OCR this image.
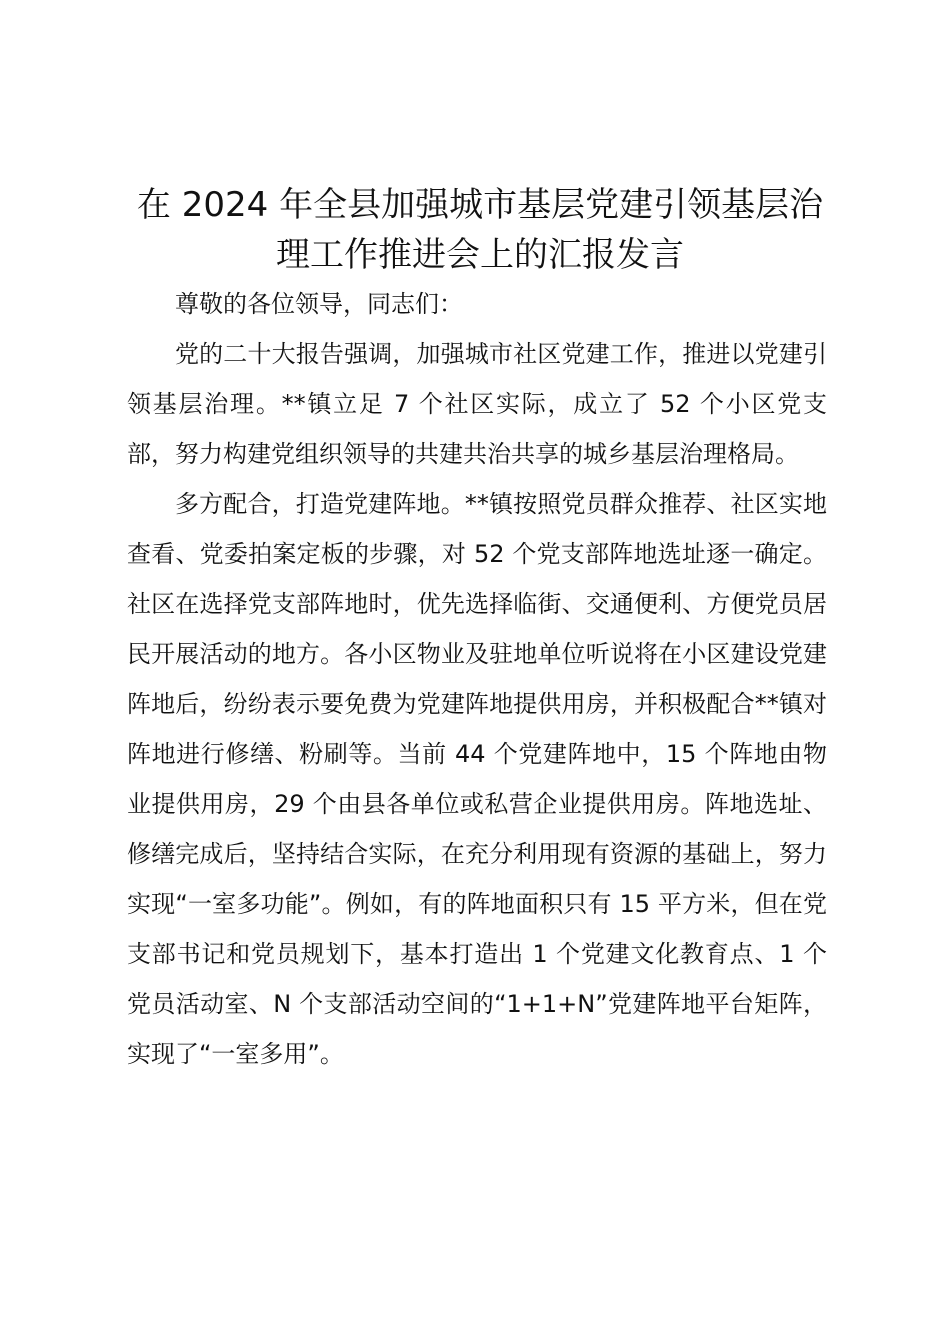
在 2024 年全县加强城市基层党建引领基层治
理工作推进会上的汇报发言

尊敬的各位领导，同志们：

党的二十大报告强调，加强城市社区党建工作，推进以党建引领基层治理。**镇立足 7 个社区实际，成立了 52 个小区党支部，努力构建党组织领导的共建共治共享的城乡基层治理格局。

多方配合，打造党建阵地。**镇按照党员群众推荐、社区实地查看、党委拍案定板的步骤，对 52 个党支部阵地选址逐一确定。社区在选择党支部阵地时，优先选择临街、交通便利、方便党员居民开展活动的地方。各小区物业及驻地单位听说将在小区建设党建阵地后，纷纷表示要免费为党建阵地提供用房，并积极配合**镇对阵地进行修缮、粉刷等。当前 44 个党建阵地中，15 个阵地由物业提供用房，29 个由县各单位或私营企业提供用房。阵地选址、修缮完成后，坚持结合实际，在充分利用现有资源的基础上，努力实现“一室多功能”。例如，有的阵地面积只有 15 平方米，但在党支部书记和党员规划下，基本打造出 1 个党建文化教育点、1 个党员活动室、N 个支部活动空间的“1+1+N”党建阵地平台矩阵，实现了“一室多用”。
